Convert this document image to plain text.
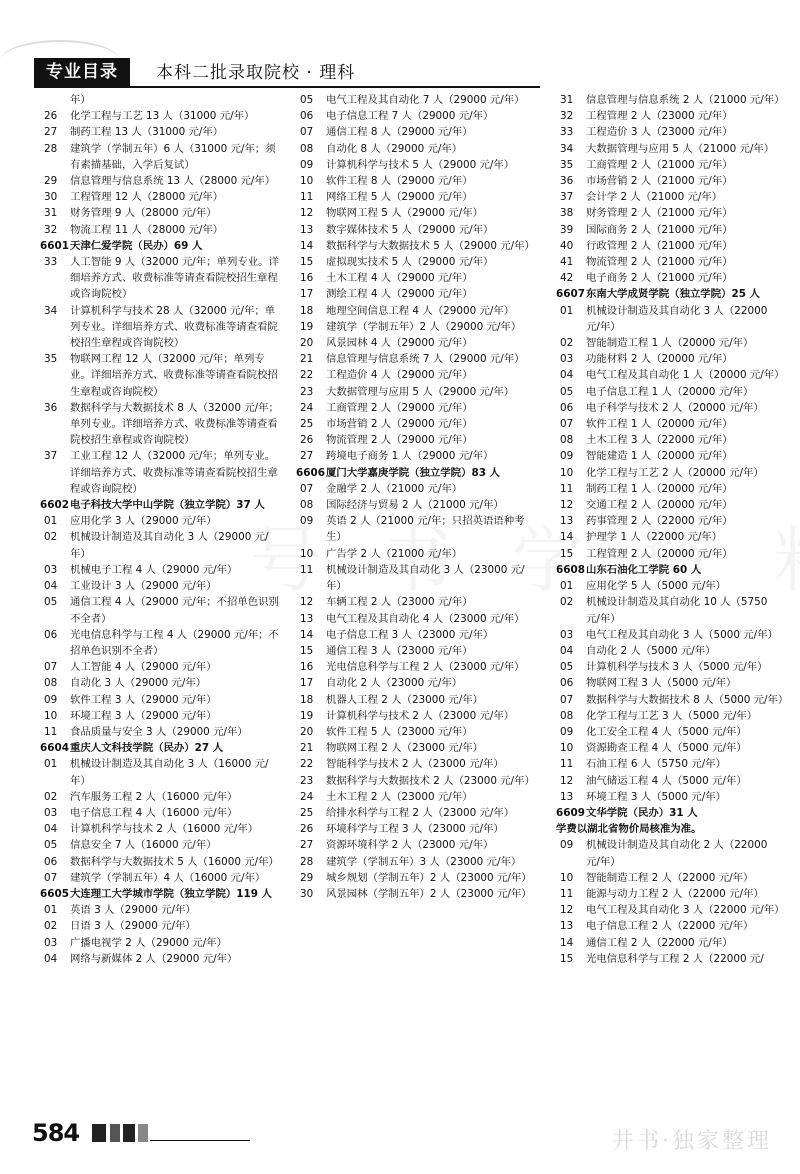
专业目录	本科二批录取院校 · 理科
年）
26	化学工程与工艺 13 人（31000 元/年）
27	制药工程 13 人（31000 元/年）
28	建筑学（学制五年）6 人（31000 元/年；须有素描基础，入学后复试）
29	信息管理与信息系统 13 人（28000 元/年）
30	工程管理 12 人（28000 元/年）
31	财务管理 9 人（28000 元/年）
32	物流工程 11 人（28000 元/年）
6601 天津仁爱学院（民办）69 人
33	人工智能 9 人（32000 元/年；单列专业。详细培养方式、收费标准等请查看院校招生章程或咨询院校）
34	计算机科学与技术 28 人（32000 元/年；单列专业。详细培养方式、收费标准等请查看院校招生章程或咨询院校）
35	物联网工程 12 人（32000 元/年；单列专业。详细培养方式、收费标准等请查看院校招生章程或咨询院校）
36	数据科学与大数据技术 8 人（32000 元/年；单列专业。详细培养方式、收费标准等请查看院校招生章程或咨询院校）
37	工业工程 12 人（32000 元/年；单列专业。详细培养方式、收费标准等请查看院校招生章程或咨询院校）
6602 电子科技大学中山学院（独立学院）37 人
01	应用化学 3 人（29000 元/年）
02	机械设计制造及其自动化 3 人（29000 元/年）
03	机械电子工程 4 人（29000 元/年）
04	工业设计 3 人（29000 元/年）
05	通信工程 4 人（29000 元/年；不招单色识别不全者）
06	光电信息科学与工程 4 人（29000 元/年；不招单色识别不全者）
07	人工智能 4 人（29000 元/年）
08	自动化 3 人（29000 元/年）
09	软件工程 3 人（29000 元/年）
10	环境工程 3 人（29000 元/年）
11	食品质量与安全 3 人（29000 元/年）
6604 重庆人文科技学院（民办）27 人
01	机械设计制造及其自动化 3 人（16000 元/年）
02	汽车服务工程 2 人（16000 元/年）
03	电子信息工程 4 人（16000 元/年）
04	计算机科学与技术 2 人（16000 元/年）
05	信息安全 7 人（16000 元/年）
06	数据科学与大数据技术 5 人（16000 元/年）
07	建筑学（学制五年）4 人（16000 元/年）
6605 大连理工大学城市学院（独立学院）119 人
01	英语 3 人（29000 元/年）
02	日语 3 人（29000 元/年）
03	广播电视学 2 人（29000 元/年）
04	网络与新媒体 2 人（29000 元/年）
05	电气工程及其自动化 7 人（29000 元/年）
06	电子信息工程 7 人（29000 元/年）
07	通信工程 8 人（29000 元/年）
08	自动化 8 人（29000 元/年）
09	计算机科学与技术 5 人（29000 元/年）
10	软件工程 8 人（29000 元/年）
11	网络工程 5 人（29000 元/年）
12	物联网工程 5 人（29000 元/年）
13	数字媒体技术 5 人（29000 元/年）
14	数据科学与大数据技术 5 人（29000 元/年）
15	虚拟现实技术 5 人（29000 元/年）
16	土木工程 4 人（29000 元/年）
17	测绘工程 4 人（29000 元/年）
18	地理空间信息工程 4 人（29000 元/年）
19	建筑学（学制五年）2 人（29000 元/年）
20	风景园林 4 人（29000 元/年）
21	信息管理与信息系统 7 人（29000 元/年）
22	工程造价 4 人（29000 元/年）
23	大数据管理与应用 5 人（29000 元/年）
24	工商管理 2 人（29000 元/年）
25	市场营销 2 人（29000 元/年）
26	物流管理 2 人（29000 元/年）
27	跨境电子商务 1 人（29000 元/年）
6606 厦门大学嘉庚学院（独立学院）83 人
07	金融学 2 人（21000 元/年）
08	国际经济与贸易 2 人（21000 元/年）
09	英语 2 人（21000 元/年；只招英语语种考生）
10	广告学 2 人（21000 元/年）
11	机械设计制造及其自动化 3 人（23000 元/年）
12	车辆工程 2 人（23000 元/年）
13	电气工程及其自动化 4 人（23000 元/年）
14	电子信息工程 3 人（23000 元/年）
15	通信工程 3 人（23000 元/年）
16	光电信息科学与工程 2 人（23000 元/年）
17	自动化 2 人（23000 元/年）
18	机器人工程 2 人（23000 元/年）
19	计算机科学与技术 2 人（23000 元/年）
20	软件工程 5 人（23000 元/年）
21	物联网工程 2 人（23000 元/年）
22	智能科学与技术 2 人（23000 元/年）
23	数据科学与大数据技术 2 人（23000 元/年）
24	土木工程 2 人（23000 元/年）
25	给排水科学与工程 2 人（23000 元/年）
26	环境科学与工程 3 人（23000 元/年）
27	资源环境科学 2 人（23000 元/年）
28	建筑学（学制五年）3 人（23000 元/年）
29	城乡规划（学制五年）2 人（23000 元/年）
30	风景园林（学制五年）2 人（23000 元/年）
31	信息管理与信息系统 2 人（21000 元/年）
32	工程管理 2 人（23000 元/年）
33	工程造价 3 人（23000 元/年）
34	大数据管理与应用 5 人（21000 元/年）
35	工商管理 2 人（21000 元/年）
36	市场营销 2 人（21000 元/年）
37	会计学 2 人（21000 元/年）
38	财务管理 2 人（21000 元/年）
39	国际商务 2 人（21000 元/年）
40	行政管理 2 人（21000 元/年）
41	物流管理 2 人（21000 元/年）
42	电子商务 2 人（21000 元/年）
6607 东南大学成贤学院（独立学院）25 人
01	机械设计制造及其自动化 3 人（22000 元/年）
02	智能制造工程 1 人（20000 元/年）
03	功能材料 2 人（20000 元/年）
04	电气工程及其自动化 1 人（20000 元/年）
05	电子信息工程 1 人（20000 元/年）
06	电子科学与技术 2 人（20000 元/年）
07	软件工程 1 人（20000 元/年）
08	土木工程 3 人（22000 元/年）
09	智能建造 1 人（20000 元/年）
10	化学工程与工艺 2 人（20000 元/年）
11	制药工程 1 人（20000 元/年）
12	交通工程 2 人（20000 元/年）
13	药事管理 2 人（22000 元/年）
14	护理学 1 人（22000 元/年）
15	工程管理 2 人（20000 元/年）
6608 山东石油化工学院 60 人
01	应用化学 5 人（5000 元/年）
02	机械设计制造及其自动化 10 人（5750 元/年）
03	电气工程及其自动化 3 人（5000 元/年）
04	自动化 2 人（5000 元/年）
05	计算机科学与技术 3 人（5000 元/年）
06	物联网工程 3 人（5000 元/年）
07	数据科学与大数据技术 8 人（5000 元/年）
08	化学工程与工艺 3 人（5000 元/年）
09	化工安全工程 4 人（5000 元/年）
10	资源勘查工程 4 人（5000 元/年）
11	石油工程 6 人（5750 元/年）
12	油气储运工程 4 人（5000 元/年）
13	环境工程 3 人（5000 元/年）
6609 文华学院（民办）31 人
学费以湖北省物价局核准为准。
09	机械设计制造及其自动化 2 人（22000 元/年）
10	智能制造工程 2 人（22000 元/年）
11	能源与动力工程 2 人（22000 元/年）
12	电气工程及其自动化 3 人（22000 元/年）
13	电子信息工程 2 人（22000 元/年）
14	通信工程 2 人（22000 元/年）
15	光电信息科学与工程 2 人（22000 元/
584	井书·独家整理
